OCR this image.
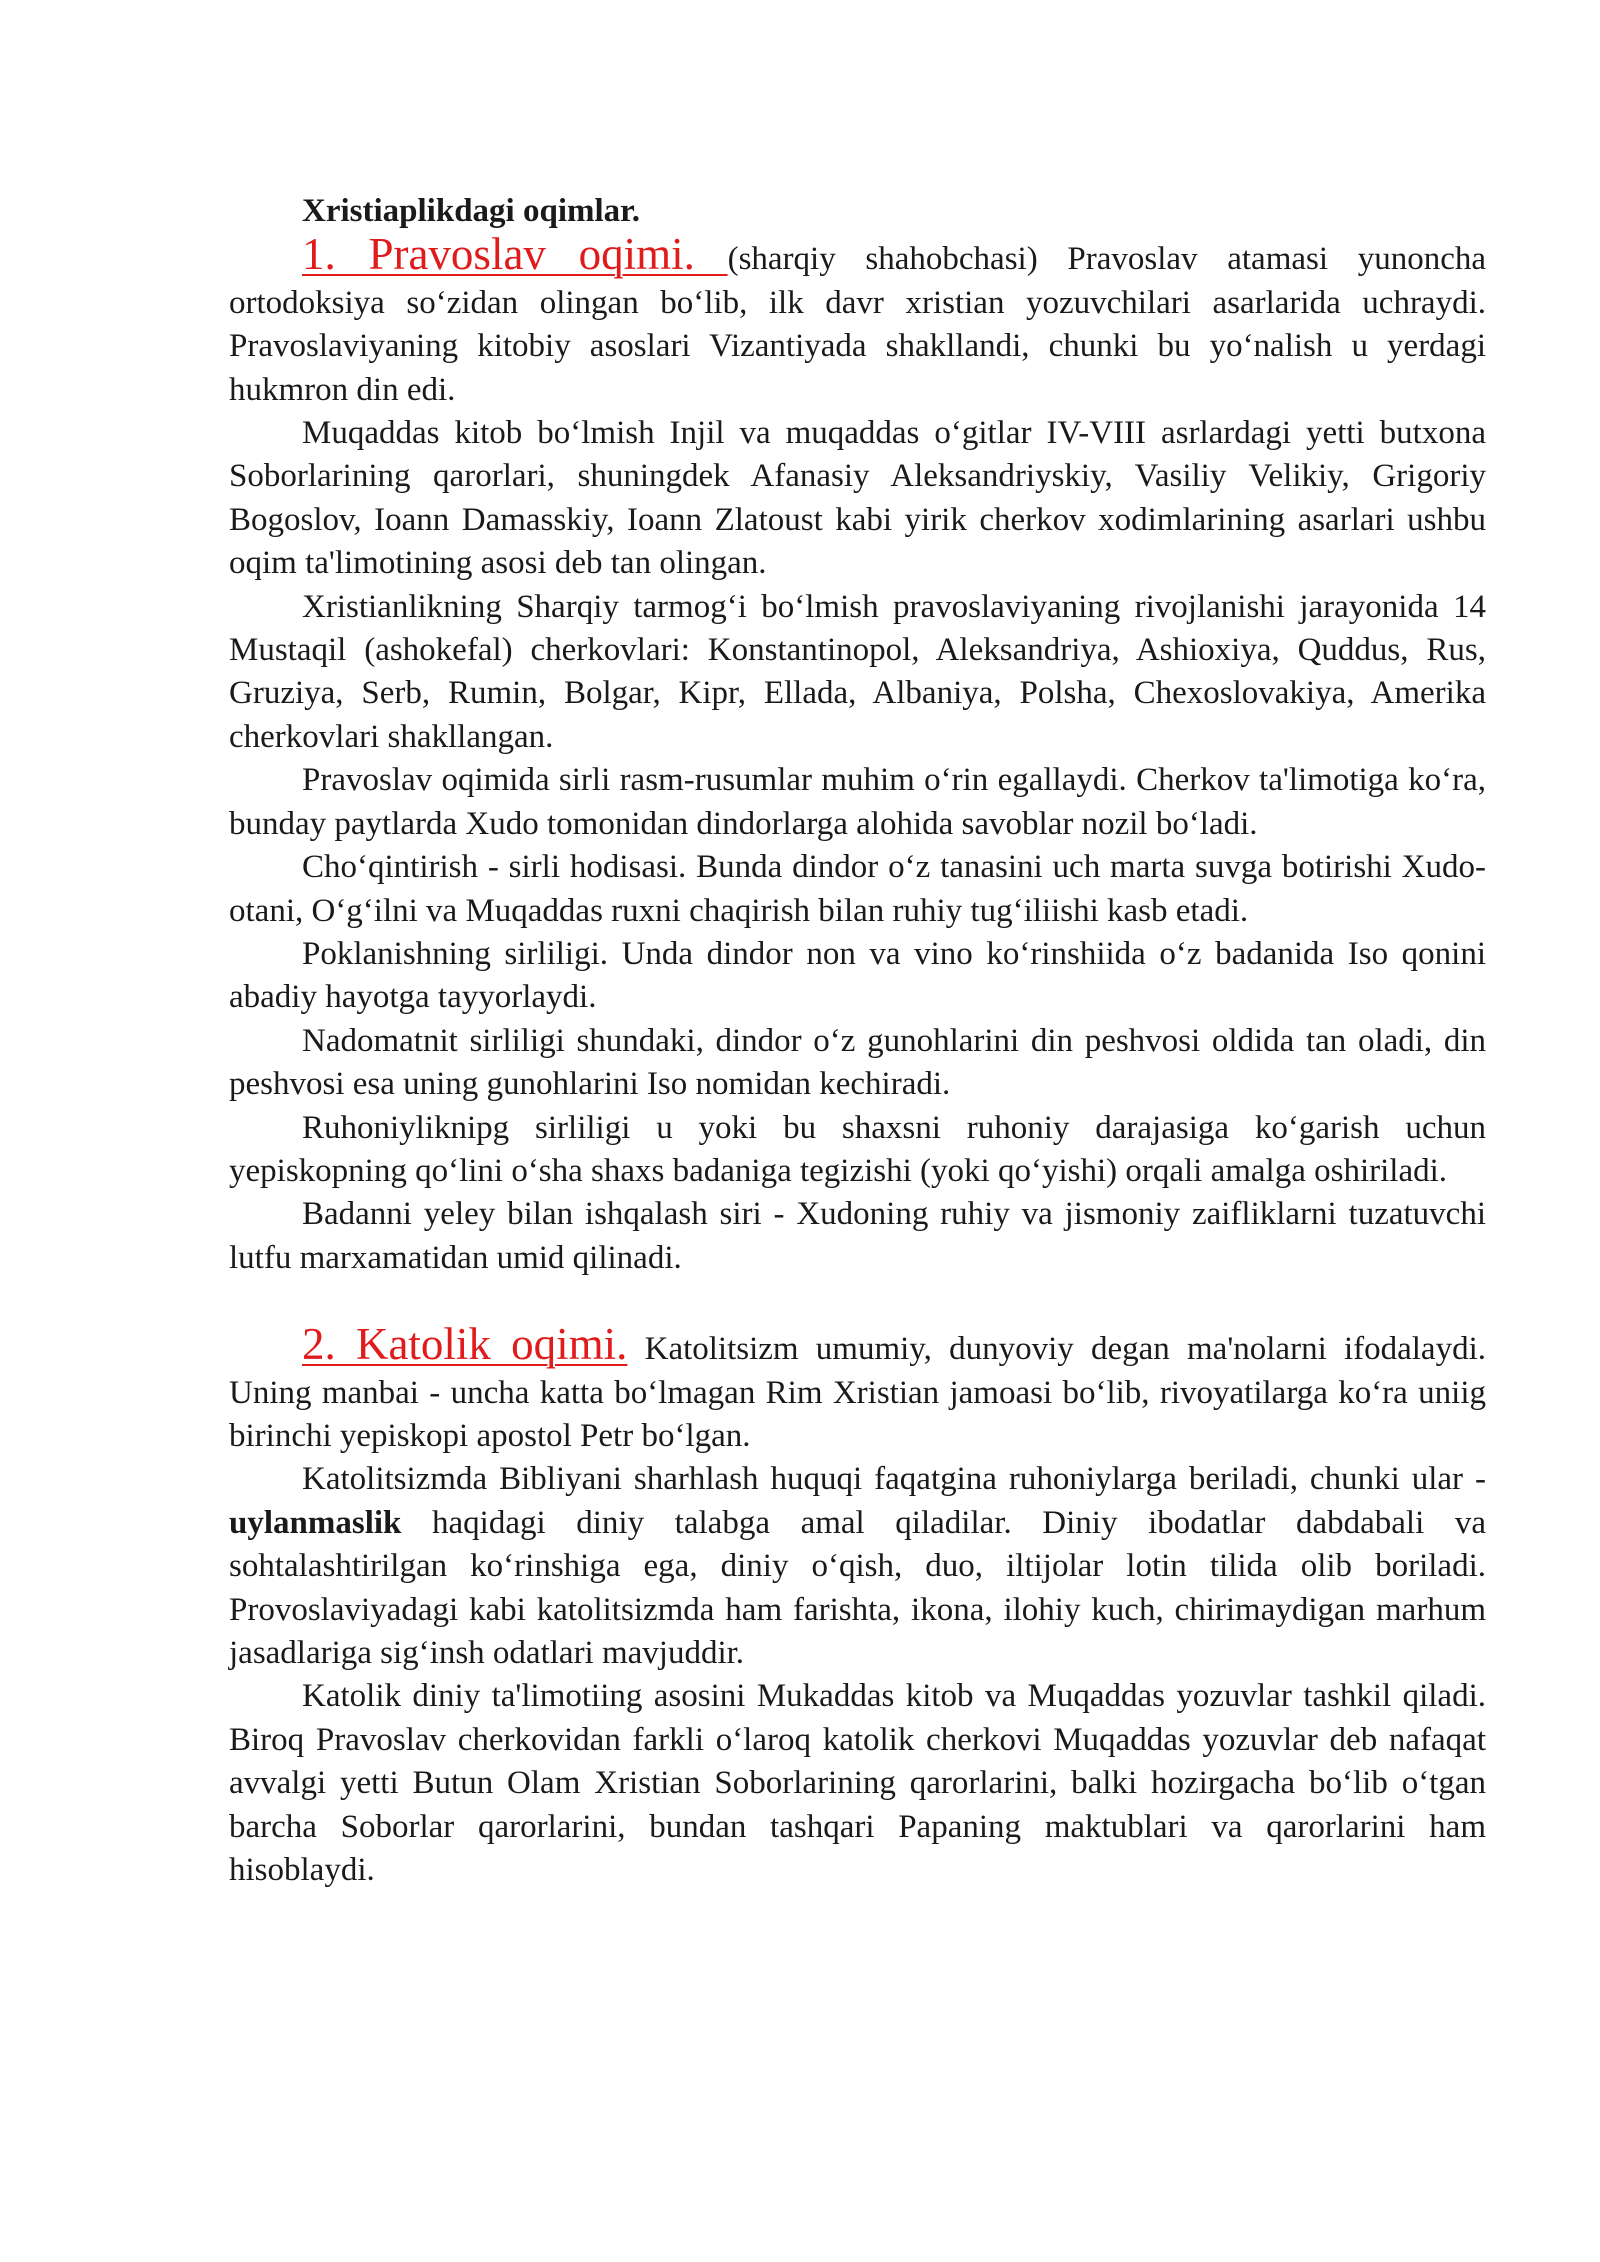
Xristiaplikdagi oqimlar.

1. Pravoslav oqimi. (sharqiy shahobchasi) Pravoslav atamasi yunoncha ortodoksiya so‘zidan olingan bo‘lib, ilk davr xristian yozuvchilari asarlarida uchraydi. Pravoslaviyaning kitobiy asoslari Vizantiyada shakllandi, chunki bu yo‘nalish u yerdagi hukmron din edi.

Muqaddas kitob bo‘lmish Injil va muqaddas o‘gitlar IV-VIII asrlardagi yetti butxona Soborlarining qarorlari, shuningdek Afanasiy Aleksandriyskiy, Vasiliy Velikiy, Grigoriy Bogoslov, Ioann Damasskiy, Ioann Zlatoust kabi yirik cherkov xodimlarining asarlari ushbu oqim ta'limotining asosi deb tan olingan.

Xristianlikning Sharqiy tarmog‘i bo‘lmish pravoslaviyaning rivojlanishi jarayonida 14 Mustaqil (ashokefal) cherkovlari: Konstantinopol, Aleksandriya, Ashioxiya, Quddus, Rus, Gruziya, Serb, Rumin, Bolgar, Kipr, Ellada, Albaniya, Polsha, Chexoslovakiya, Amerika cherkovlari shakllangan.

Pravoslav oqimida sirli rasm-rusumlar muhim o‘rin egallaydi. Cherkov ta'limotiga ko‘ra, bunday paytlarda Xudo tomonidan dindorlarga alohida savoblar nozil bo‘ladi.

Cho‘qintirish - sirli hodisasi. Bunda dindor o‘z tanasini uch marta suvga botirishi Xudo-otani, O‘g‘ilni va Muqaddas ruxni chaqirish bilan ruhiy tug‘iliishi kasb etadi.

Poklanishning sirliligi. Unda dindor non va vino ko‘rinshiida o‘z badanida Iso qonini abadiy hayotga tayyorlaydi.

Nadomatnit sirliligi shundaki, dindor o‘z gunohlarini din peshvosi oldida tan oladi, din peshvosi esa uning gunohlarini Iso nomidan kechiradi.

Ruhoniyliknipg sirliligi u yoki bu shaxsni ruhoniy darajasiga ko‘garish uchun yepiskopning qo‘lini o‘sha shaxs badaniga tegizishi (yoki qo‘yishi) orqali amalga oshiriladi.

Badanni yeley bilan ishqalash siri - Xudoning ruhiy va jismoniy zaifliklarni tuzatuvchi lutfu marxamatidan umid qilinadi.

2. Katolik oqimi. Katolitsizm umumiy, dunyoviy degan ma'nolarni ifodalaydi. Uning manbai - uncha katta bo‘lmagan Rim Xristian jamoasi bo‘lib, rivoyatilarga ko‘ra uniig birinchi yepiskopi apostol Petr bo‘lgan.

Katolitsizmda Bibliyani sharhlash huquqi faqatgina ruhoniylarga beriladi, chunki ular -uylanmaslik haqidagi diniy talabga amal qiladilar. Diniy ibodatlar dabdabali va sohtalashtirilgan ko‘rinshiga ega, diniy o‘qish, duo, iltijolar lotin tilida olib boriladi. Provoslaviyadagi kabi katolitsizmda ham farishta, ikona, ilohiy kuch, chirimaydigan marhum jasadlariga sig‘insh odatlari mavjuddir.

Katolik diniy ta'limotiing asosini Mukaddas kitob va Muqaddas yozuvlar tashkil qiladi. Biroq Pravoslav cherkovidan farkli o‘laroq katolik cherkovi Muqaddas yozuvlar deb nafaqat avvalgi yetti Butun Olam Xristian Soborlarining qarorlarini, balki hozirgacha bo‘lib o‘tgan barcha Soborlar qarorlarini, bundan tashqari Papaning maktublari va qarorlarini ham hisoblaydi.
